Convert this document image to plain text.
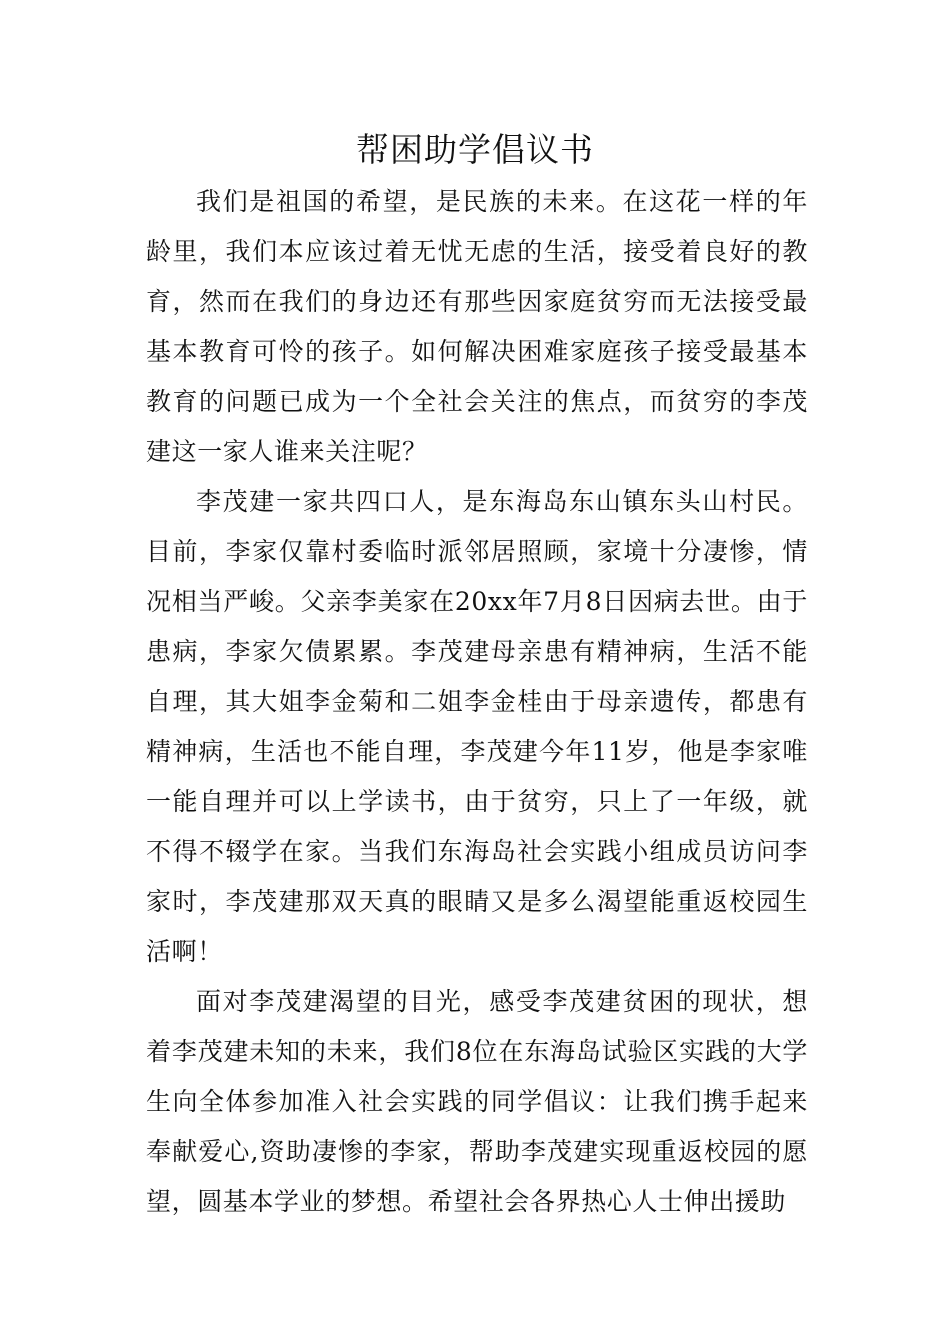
帮困助学倡议书

我们是祖国的希望，是民族的未来。在这花一样的年龄里，我们本应该过着无忧无虑的生活，接受着良好的教育，然而在我们的身边还有那些因家庭贫穷而无法接受最基本教育可怜的孩子。如何解决困难家庭孩子接受最基本教育的问题已成为一个全社会关注的焦点，而贫穷的李茂建这一家人谁来关注呢？

李茂建一家共四口人，是东海岛东山镇东头山村民。目前，李家仅靠村委临时派邻居照顾，家境十分凄惨，情况相当严峻。父亲李美家在20xx年7月8日因病去世。由于患病，李家欠债累累。李茂建母亲患有精神病，生活不能自理，其大姐李金菊和二姐李金桂由于母亲遗传，都患有精神病，生活也不能自理，李茂建今年11岁，他是李家唯一能自理并可以上学读书，由于贫穷，只上了一年级，就不得不辍学在家。当我们东海岛社会实践小组成员访问李家时，李茂建那双天真的眼睛又是多么渴望能重返校园生活啊！

面对李茂建渴望的目光，感受李茂建贫困的现状，想着李茂建未知的未来，我们8位在东海岛试验区实践的大学生向全体参加准入社会实践的同学倡议：让我们携手起来奉献爱心,资助凄惨的李家，帮助李茂建实现重返校园的愿望，圆基本学业的梦想。希望社会各界热心人士伸出援助
